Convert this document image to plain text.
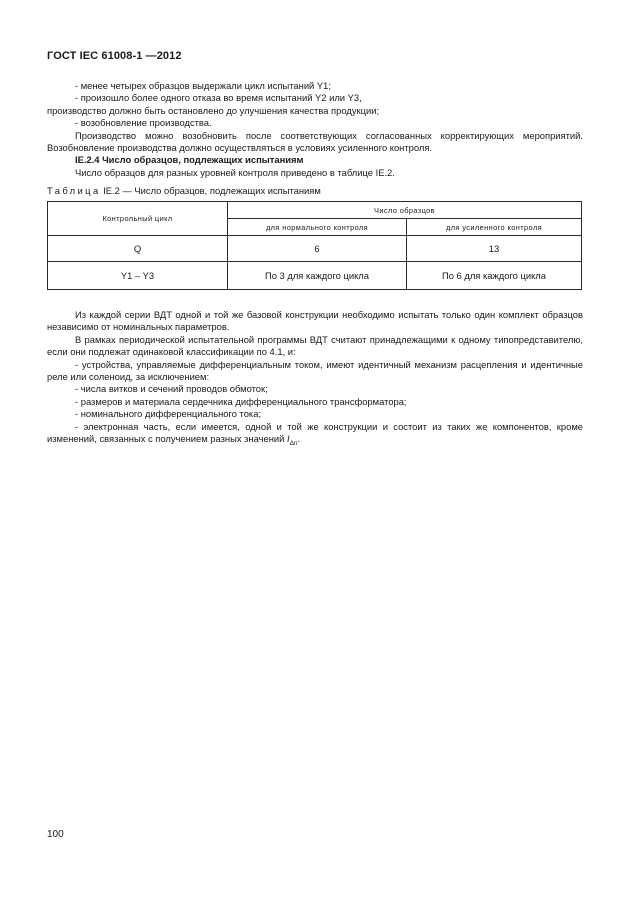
ГОСТ IEC 61008-1 —2012

- менее четырех образцов выдержали цикл испытаний Y1;

- произошло более одного отказа во время испытаний Y2 или Y3,

производство должно быть остановлено до улучшения качества продукции;

- возобновление производства.

Производство можно возобновить после соответствующих согласованных корректирующих мероприятий. Возобновление производства должно осуществляться в условиях усиленного контроля.

IE.2.4 Число образцов, подлежащих испытаниям

Число образцов для разных уровней контроля приведено в таблице IE.2.

Таблица IE.2 — Число образцов, подлежащих испытаниям
Контрольный цикл	Число образцов	
	для нормального контроля	для усиленного контроля
Q	6	13
Y1 – Y3	По 3 для каждого цикла	По 6 для каждого цикла

Из каждой серии ВДТ одной и той же базовой конструкции необходимо испытать только один комплект образцов независимо от номинальных параметров.

В рамках периодической испытательной программы ВДТ считают принадлежащими к одному типопредставителю, если они подлежат одинаковой классификации по 4.1, и:

- устройства, управляемые дифференциальным током, имеют идентичный механизм расцепления и идентичные реле или соленоид, за исключением:

- числа витков и сечений проводов обмоток;

- размеров и материала сердечника дифференциального трансформатора;

- номинального дифференциального тока;

- электронная часть, если имеется, одной и той же конструкции и состоит из таких же компонентов, кроме изменений, связанных с получением разных значений $I_{\Delta n}$.

100
